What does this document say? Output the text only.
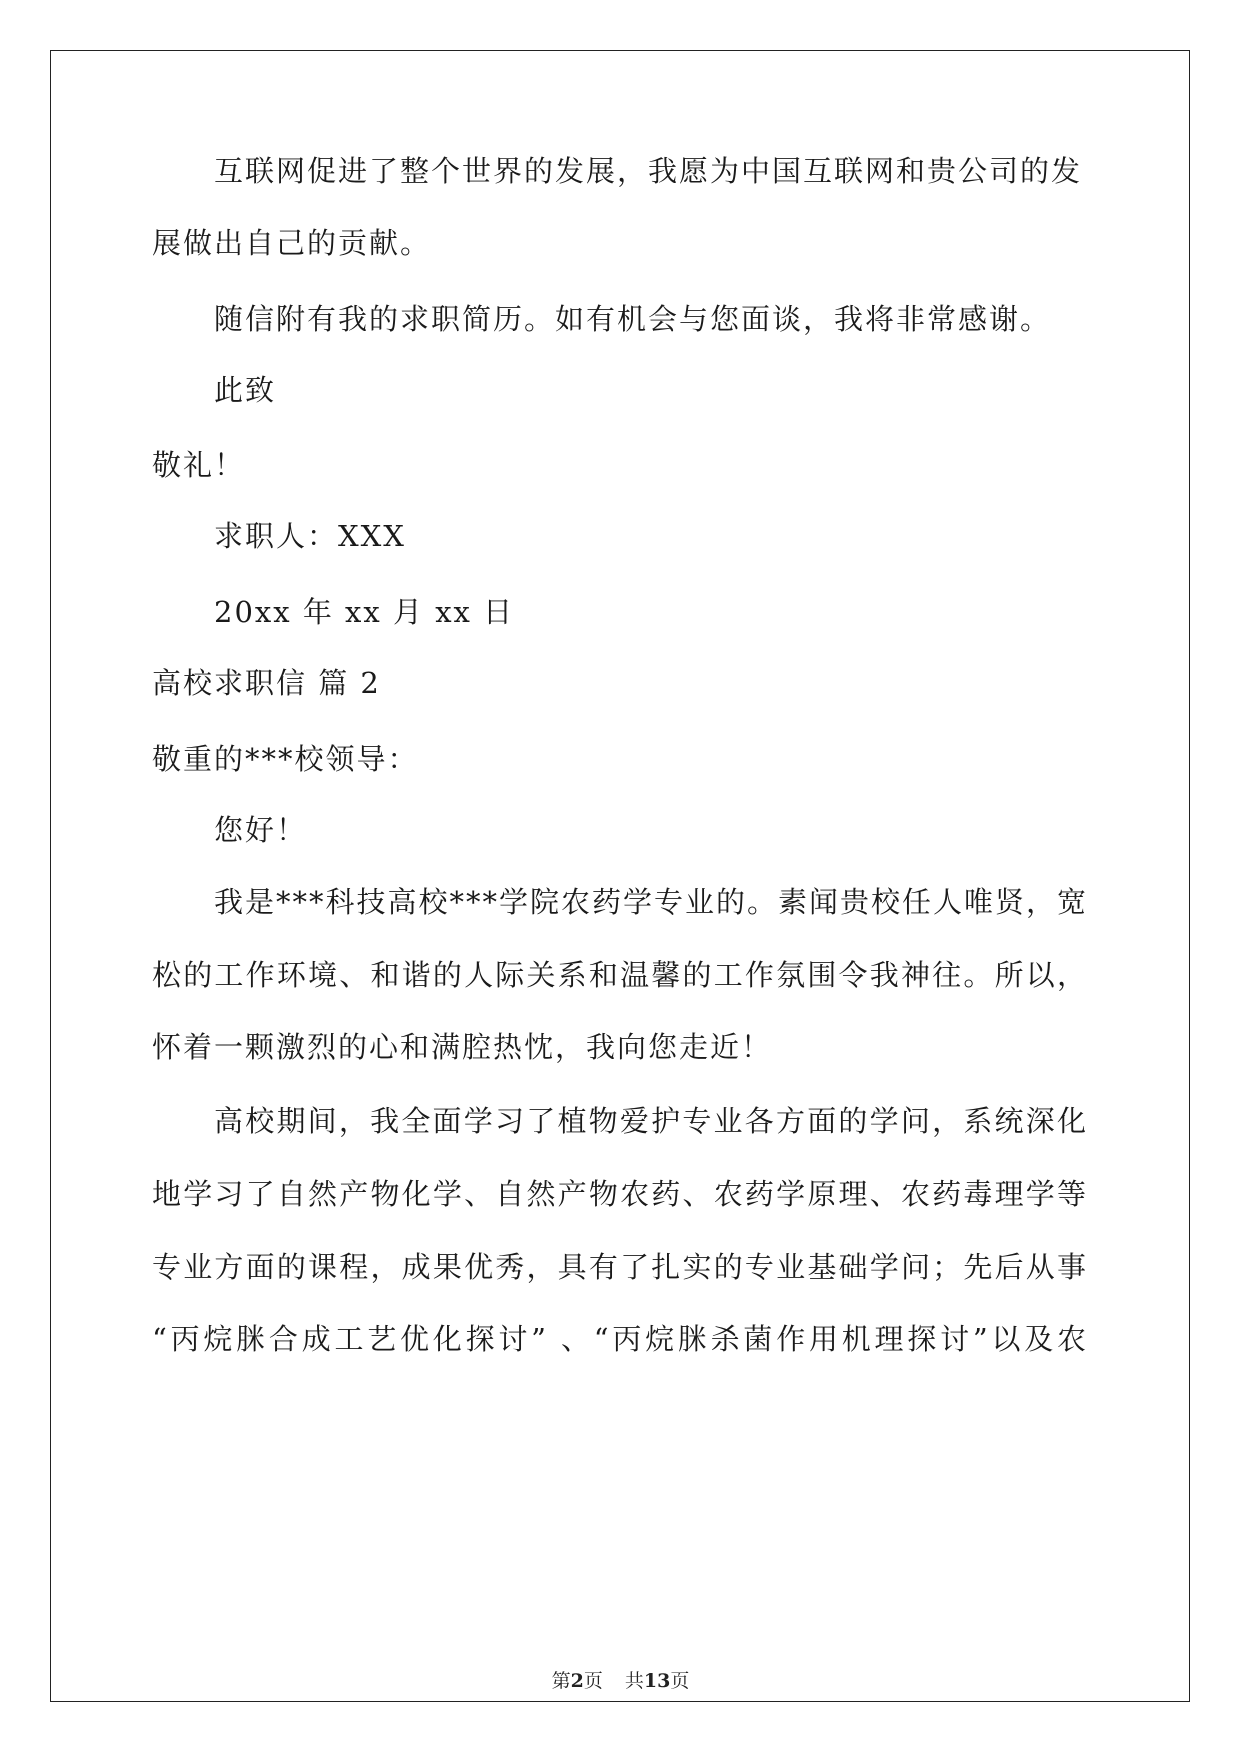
互联网促进了整个世界的发展，我愿为中国互联网和贵公司的发
展做出自己的贡献。
随信附有我的求职简历。如有机会与您面谈，我将非常感谢。
此致
敬礼！
求职人：XXX
20xx 年 xx 月 xx 日
高校求职信 篇 2
敬重的***校领导：
您好！
我是***科技高校***学院农药学专业的。素闻贵校任人唯贤，宽
松的工作环境、和谐的人际关系和温馨的工作氛围令我神往。所以，
怀着一颗激烈的心和满腔热忱，我向您走近！
高校期间，我全面学习了植物爱护专业各方面的学问，系统深化
地学习了自然产物化学、自然产物农药、农药学原理、农药毒理学等
专业方面的课程，成果优秀，具有了扎实的专业基础学问；先后从事
“丙烷脒合成工艺优化探讨” 、“丙烷脒杀菌作用机理探讨”以及农
第2页 共13页
